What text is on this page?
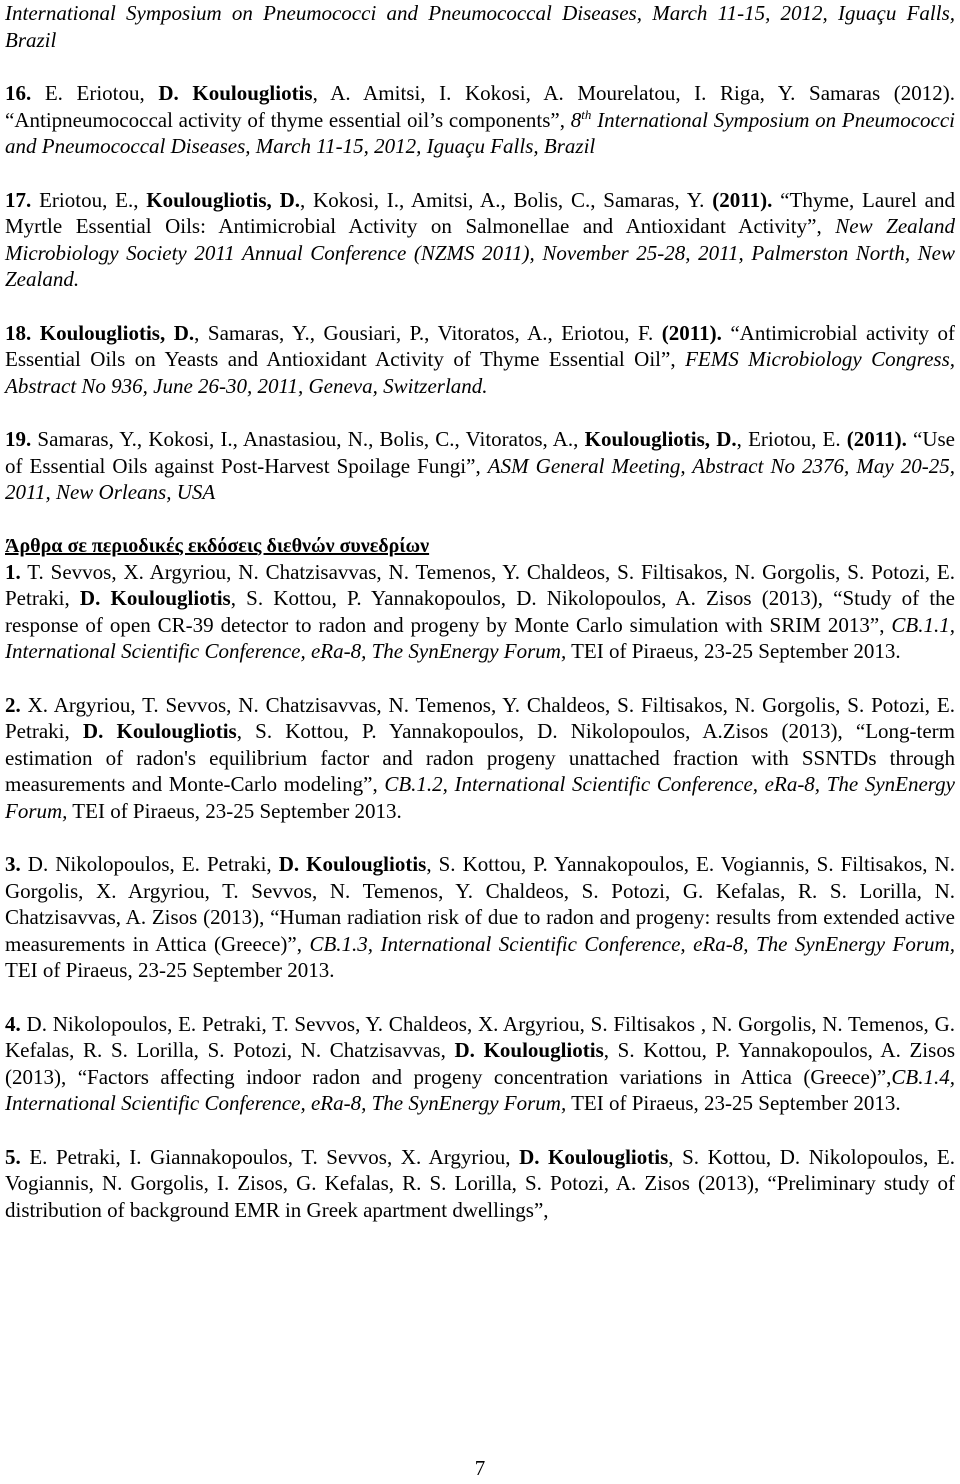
International Symposium on Pneumococci and Pneumococcal Diseases, March 11-15, 2012, Iguaçu Falls, Brazil

16. E. Eriotou, D. Koulougliotis, A. Amitsi, I. Kokosi, A. Mourelatou, I. Riga, Y. Samaras (2012). “Antipneumococcal activity of thyme essential oil’s components”, 8th International Symposium on Pneumococci and Pneumococcal Diseases, March 11-15, 2012, Iguaçu Falls, Brazil

17. Eriotou, E., Koulougliotis, D., Kokosi, I., Amitsi, A., Bolis, C., Samaras, Y. (2011). “Thyme, Laurel and Myrtle Essential Oils: Antimicrobial Activity on Salmonellae and Antioxidant Activity”, New Zealand Microbiology Society 2011 Annual Conference (NZMS 2011), November 25-28, 2011, Palmerston North, New Zealand.

18. Koulougliotis, D., Samaras, Y., Gousiari, P., Vitoratos, A., Eriotou, F. (2011). “Antimicrobial activity of Essential Oils on Yeasts and Antioxidant Activity of Thyme Essential Oil”, FEMS Microbiology Congress, Abstract No 936, June 26-30, 2011, Geneva, Switzerland.

19. Samaras, Y., Kokosi, I., Anastasiou, N., Bolis, C., Vitoratos, A., Koulougliotis, D., Eriotou, E. (2011). “Use of Essential Oils against Post-Harvest Spoilage Fungi”, ASM General Meeting, Abstract No 2376, May 20-25, 2011, New Orleans, USA

Άρθρα σε περιοδικές εκδόσεις διεθνών συνεδρίων

1. T. Sevvos, X. Argyriou, N. Chatzisavvas, N. Temenos, Y. Chaldeos, S. Filtisakos, N. Gorgolis, S. Potozi, E. Petraki, D. Koulougliotis, S. Kottou, P. Yannakopoulos, D. Nikolopoulos, A. Zisos (2013), “Study of the response of open CR-39 detector to radon and progeny by Monte Carlo simulation with SRIM 2013”, CB.1.1, International Scientific Conference, eRa-8, The SynEnergy Forum, TEI of Piraeus, 23-25 September 2013.

2. X. Argyriou, T. Sevvos, N. Chatzisavvas, N. Temenos, Y. Chaldeos, S. Filtisakos, N. Gorgolis, S. Potozi, E. Petraki, D. Koulougliotis, S. Kottou, P. Yannakopoulos, D. Nikolopoulos, A.Zisos (2013), “Long-term estimation of radon's equilibrium factor and radon progeny unattached fraction with SSNTDs through measurements and Monte-Carlo modeling”, CB.1.2, International Scientific Conference, eRa-8, The SynEnergy Forum, TEI of Piraeus, 23-25 September 2013.

3. D. Nikolopoulos, E. Petraki, D. Koulougliotis, S. Kottou, P. Yannakopoulos, E. Vogiannis, S. Filtisakos, N. Gorgolis, X. Argyriou, T. Sevvos, N. Temenos, Y. Chaldeos, S. Potozi, G. Kefalas, R. S. Lorilla, N. Chatzisavvas, A. Zisos (2013), “Human radiation risk of due to radon and progeny: results from extended active measurements in Attica (Greece)”, CB.1.3, International Scientific Conference, eRa-8, The SynEnergy Forum, TEI of Piraeus, 23-25 September 2013.

4. D. Nikolopoulos, E. Petraki, T. Sevvos, Y. Chaldeos, X. Argyriou, S. Filtisakos , N. Gorgolis, N. Temenos, G. Kefalas, R. S. Lorilla, S. Potozi, N. Chatzisavvas, D. Koulougliotis, S. Kottou, P. Yannakopoulos, A. Zisos (2013), “Factors affecting indoor radon and progeny concentration variations in Attica (Greece)”,CB.1.4, International Scientific Conference, eRa-8, The SynEnergy Forum, TEI of Piraeus, 23-25 September 2013.

5. E. Petraki, I. Giannakopoulos, T. Sevvos, X. Argyriou, D. Koulougliotis, S. Kottou, D. Nikolopoulos, E. Vogiannis, N. Gorgolis, I. Zisos, G. Kefalas, R. S. Lorilla, S. Potozi, A. Zisos (2013), “Preliminary study of distribution of background EMR in Greek apartment dwellings”,

7
